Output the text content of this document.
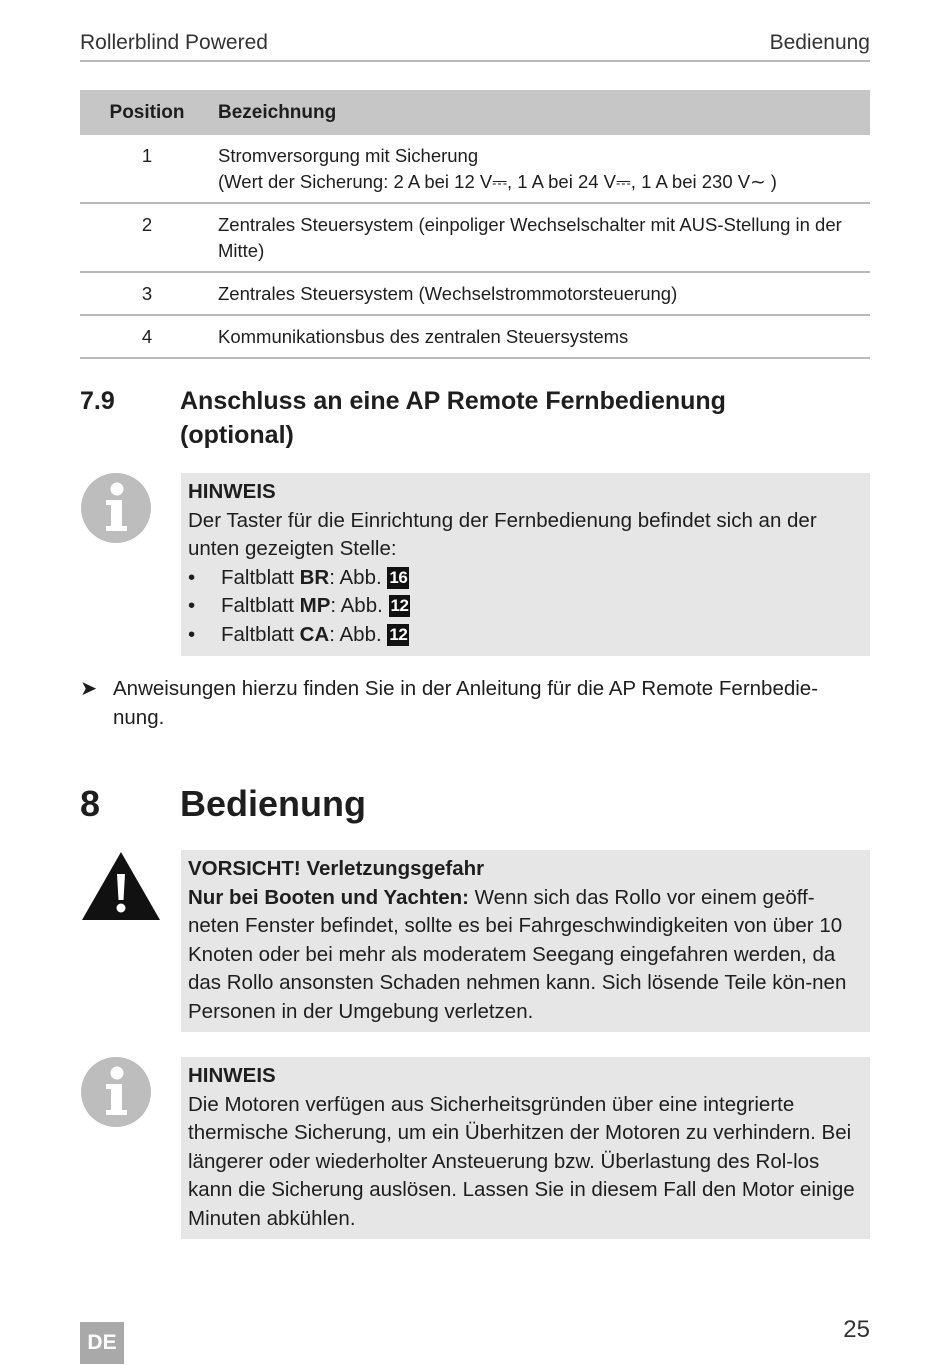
Rollerblind Powered	Bedienung
Position	Bezeichnung
1	Stromversorgung mit Sicherung
(Wert der Sicherung: 2 A bei 12 V⎓, 1 A bei 24 V⎓, 1 A bei 230 V∼ )

2	Zentrales Steuersystem (einpoliger Wechselschalter mit AUS-Stellung in der Mitte)
3	Zentrales Steuersystem (Wechselstrommotorsteuerung)
4	Kommunikationsbus des zentralen Steuersystems
7.9	Anschluss an eine AP Remote Fernbedienung (optional)
HINWEIS
Der Taster für die Einrichtung der Fernbedienung befindet sich an der unten gezeigten Stelle:
• Faltblatt BR: Abb. 16
• Faltblatt MP: Abb. 12
• Faltblatt CA: Abb. 12
➤ Anweisungen hierzu finden Sie in der Anleitung für die AP Remote Fernbedie-nung.
8 Bedienung
VORSICHT! Verletzungsgefahr
Nur bei Booten und Yachten: Wenn sich das Rollo vor einem geöff-neten Fenster befindet, sollte es bei Fahrgeschwindigkeiten von über 10 Knoten oder bei mehr als moderatem Seegang eingefahren werden, da das Rollo ansonsten Schaden nehmen kann. Sich lösende Teile kön-nen Personen in der Umgebung verletzen.
HINWEIS
Die Motoren verfügen aus Sicherheitsgründen über eine integrierte thermische Sicherung, um ein Überhitzen der Motoren zu verhindern. Bei längerer oder wiederholter Ansteuerung bzw. Überlastung des Rol-los kann die Sicherung auslösen. Lassen Sie in diesem Fall den Motor einige Minuten abkühlen.
DE	25
